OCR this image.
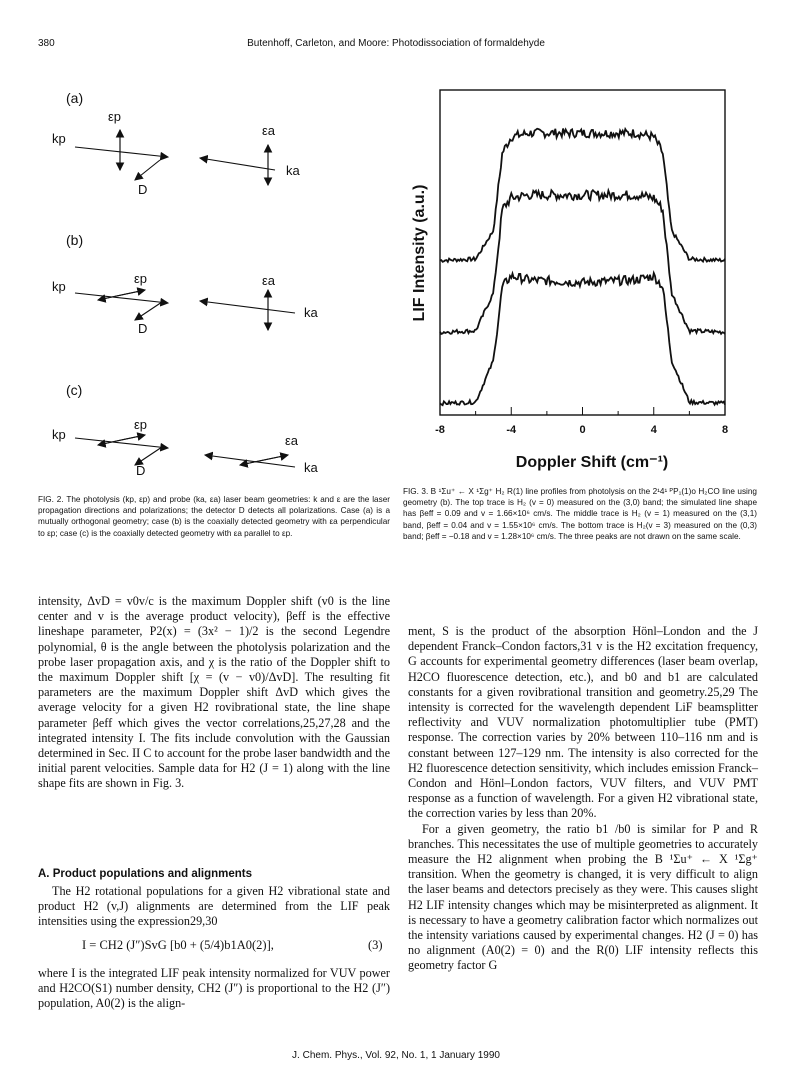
380	Butenhoff, Carleton, and Moore: Photodissociation of formaldehyde
(a)
(b)
(c)
kp
εp
D
εa
ka
kp
εp
D
εa
ka
kp
εp
D
εa
ka
FIG. 2. The photolysis (kp, εp) and probe (ka, εa) laser beam geometries: k and ε are the laser propagation directions and polarizations; the detector D detects all polarizations. Case (a) is a mutually orthogonal geometry; case (b) is the coaxially detected geometry with εa perpendicular to εp; case (c) is the coaxially detected geometry with εa parallel to εp.
LIF Intensity (a.u.)
-8	-4	0	4	8
Doppler Shift (cm⁻¹)
FIG. 3. B ¹Σu⁺ ← X ¹Σg⁺ H₂ R(1) line profiles from photolysis on the 2¹4¹ ᴾP₁(1)o H₂CO line using geometry (b). The top trace is H₂ (v = 0) measured on the (3,0) band; the simulated line shape has βeff = 0.09 and v = 1.66×10⁶ cm/s. The middle trace is H₂ (v = 1) measured on the (3,1) band, βeff = 0.04 and v = 1.55×10⁶ cm/s. The bottom trace is H₂(v = 3) measured on the (0,3) band; βeff = −0.18 and v = 1.28×10⁶ cm/s. The three peaks are not drawn on the same scale.

intensity, ΔvD = v0v/c is the maximum Doppler shift (v0 is the line center and v is the average product velocity), βeff is the effective lineshape parameter, P2(x) = (3x² − 1)/2 is the second Legendre polynomial, θ is the angle between the photolysis polarization and the probe laser propagation axis, and χ is the ratio of the Doppler shift to the maximum Doppler shift [χ = (v − v0)/ΔvD]. The resulting fit parameters are the maximum Doppler shift ΔvD which gives the average velocity for a given H2 rovibrational state, the line shape parameter βeff which gives the vector correlations,25,27,28 and the integrated intensity I. The fits include convolution with the Gaussian determined in Sec. II C to account for the probe laser bandwidth and the initial parent velocities. Sample data for H2 (J = 1) along with the line shape fits are shown in Fig. 3.

A. Product populations and alignments

The H2 rotational populations for a given H2 vibrational state and product H2 (v,J) alignments are determined from the LIF peak intensities using the expression29,30

I = CH2 (J″)SvG [b0 + (5/4)b1A0(2)],	(3)

where I is the integrated LIF peak intensity normalized for VUV power and H2CO(S1) number density, CH2 (J″) is proportional to the H2 (J″) population, A0(2) is the align-

ment, S is the product of the absorption Hönl–London and the J dependent Franck–Condon factors,31 v is the H2 excitation frequency, G accounts for experimental geometry differences (laser beam overlap, H2CO fluorescence detection, etc.), and b0 and b1 are calculated constants for a given rovibrational transition and geometry.25,29 The intensity is corrected for the wavelength dependent LiF beamsplitter reflectivity and VUV normalization photomultiplier tube (PMT) response. The correction varies by 20% between 110–116 nm and is constant between 127–129 nm. The intensity is also corrected for the H2 fluorescence detection sensitivity, which includes emission Franck–Condon and Hönl–London factors, VUV filters, and VUV PMT response as a function of wavelength. For a given H2 vibrational state, the correction varies by less than 20%.

For a given geometry, the ratio b1 /b0 is similar for P and R branches. This necessitates the use of multiple geometries to accurately measure the H2 alignment when probing the B ¹Σu⁺ ← X ¹Σg⁺ transition. When the geometry is changed, it is very difficult to align the laser beams and detectors precisely as they were. This causes slight H2 LIF intensity changes which may be misinterpreted as alignment. It is necessary to have a geometry calibration factor which normalizes out the intensity variations caused by experimental changes. H2 (J = 0) has no alignment (A0(2) = 0) and the R(0) LIF intensity reflects this geometry factor G

J. Chem. Phys., Vol. 92, No. 1, 1 January 1990
